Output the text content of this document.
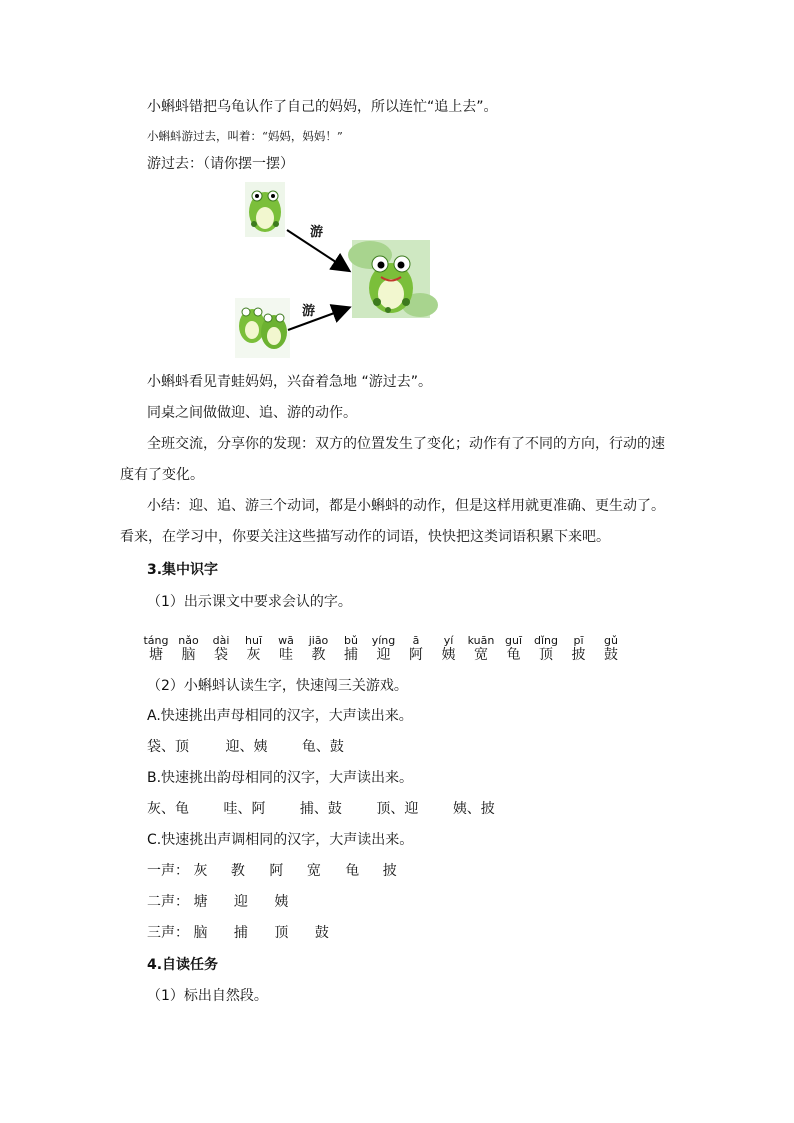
小蝌蚪错把乌龟认作了自己的妈妈，所以连忙“追上去”。
小蝌蚪游过去，叫着：“妈妈，妈妈！”
游过去：（请你摆一摆）
游
游
小蝌蚪看见青蛙妈妈，兴奋着急地 “游过去”。
同桌之间做做迎、追、游的动作。
全班交流，分享你的发现：双方的位置发生了变化；动作有了不同的方向，行动的速
度有了变化。
小结：迎、追、游三个动词，都是小蝌蚪的动作，但是这样用就更准确、更生动了。
看来，在学习中，你要关注这些描写动作的词语，快快把这类词语积累下来吧。
3.集中识字
（1）出示课文中要求会认的字。
táng
塘
nǎo
脑
dài
袋
huī
灰
wā
哇
jiāo
教
bǔ
捕
yíng
迎
ā
阿
yí
姨
kuān
宽
guī
龟
dǐng
顶
pī
披
gǔ
鼓
（2）小蝌蚪认读生字，快速闯三关游戏。
A.快速挑出声母相同的汉字，大声读出来。
袋、顶	迎、姨 龟、鼓
B.快速挑出韵母相同的汉字，大声读出来。
灰、龟 哇、阿 捕、鼓 顶、迎 姨、披
C.快速挑出声调相同的汉字，大声读出来。
一声： 灰 教 阿 宽 龟 披
二声： 塘 迎 姨
三声： 脑 捕 顶 鼓
4.自读任务
（1）标出自然段。
